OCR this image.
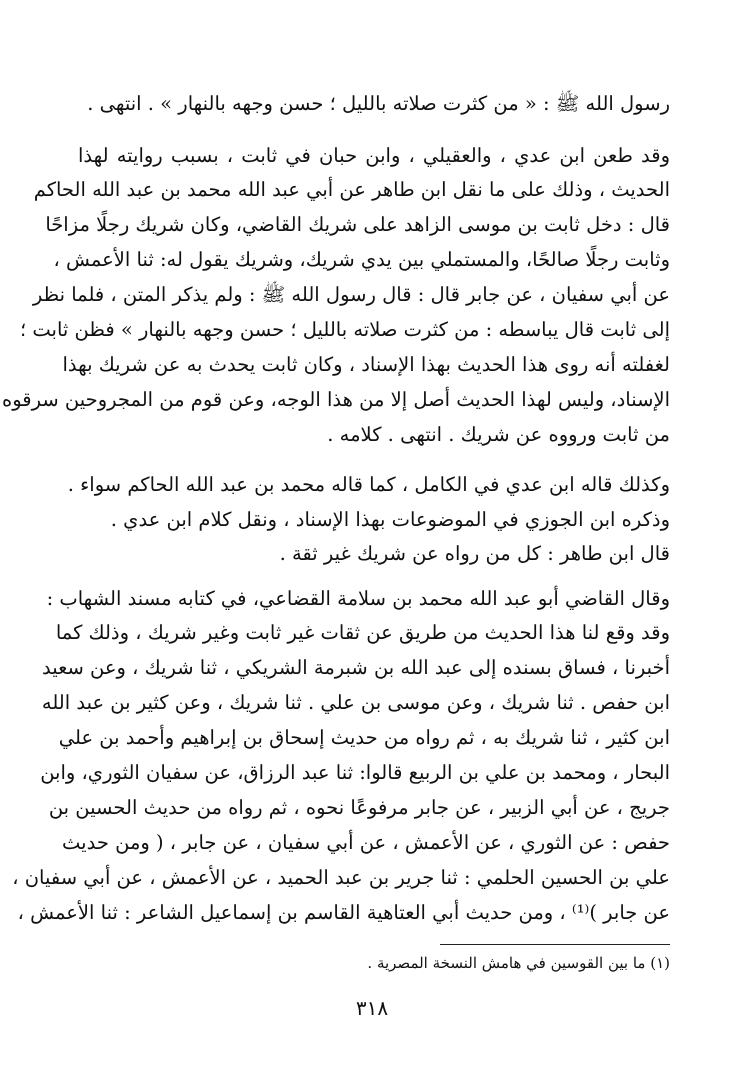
رسول الله ﷺ : « من كثرت صلاته بالليل ؛ حسن وجهه بالنهار » . انتهى .
وقد طعن ابن عدي ، والعقيلي ، وابن حبان في ثابت ، بسبب روايته لهذا
الحديث ، وذلك على ما نقل ابن طاهر عن أبي عبد الله محمد بن عبد الله الحاكم
قال : دخل ثابت بن موسى الزاهد على شريك القاضي، وكان شريك رجلًا مزاحًا
وثابت رجلًا صالحًا، والمستملي بين يدي شريك، وشريك يقول له: ثنا الأعمش ،
عن أبي سفيان ، عن جابر قال : قال رسول الله ﷺ : ولم يذكر المتن ، فلما نظر
إلى ثابت قال يباسطه : من كثرت صلاته بالليل ؛ حسن وجهه بالنهار » فظن ثابت ؛
لغفلته أنه روى هذا الحديث بهذا الإسناد ، وكان ثابت يحدث به عن شريك بهذا
الإسناد، وليس لهذا الحديث أصل إلا من هذا الوجه، وعن قوم من المجروحين سرقوه
من ثابت ورووه عن شريك . انتهى . كلامه .
وكذلك قاله ابن عدي في الكامل ، كما قاله محمد بن عبد الله الحاكم سواء .
وذكره ابن الجوزي في الموضوعات بهذا الإسناد ، ونقل كلام ابن عدي .
قال ابن طاهر : كل من رواه عن شريك غير ثقة .
وقال القاضي أبو عبد الله محمد بن سلامة القضاعي، في كتابه مسند الشهاب :
وقد وقع لنا هذا الحديث من طريق عن ثقات غير ثابت وغير شريك ، وذلك كما
أخبرنا ، فساق بسنده إلى عبد الله بن شبرمة الشريكي ، ثنا شريك ، وعن سعيد
ابن حفص . ثنا شريك ، وعن موسى بن علي . ثنا شريك ، وعن كثير بن عبد الله
ابن كثير ، ثنا شريك به ، ثم رواه من حديث إسحاق بن إبراهيم وأحمد بن علي
البحار ، ومحمد بن علي بن الربيع قالوا: ثنا عبد الرزاق، عن سفيان الثوري، وابن
جريج ، عن أبي الزبير ، عن جابر مرفوعًا نحوه ، ثم رواه من حديث الحسين بن
حفص : عن الثوري ، عن الأعمش ، عن أبي سفيان ، عن جابر ، ( ومن حديث
علي بن الحسين الحلمي : ثنا جرير بن عبد الحميد ، عن الأعمش ، عن أبي سفيان ،
عن جابر )⁽¹⁾ ، ومن حديث أبي العتاهية القاسم بن إسماعيل الشاعر : ثنا الأعمش ،
(١) ما بين القوسين في هامش النسخة المصرية .
٣١٨
